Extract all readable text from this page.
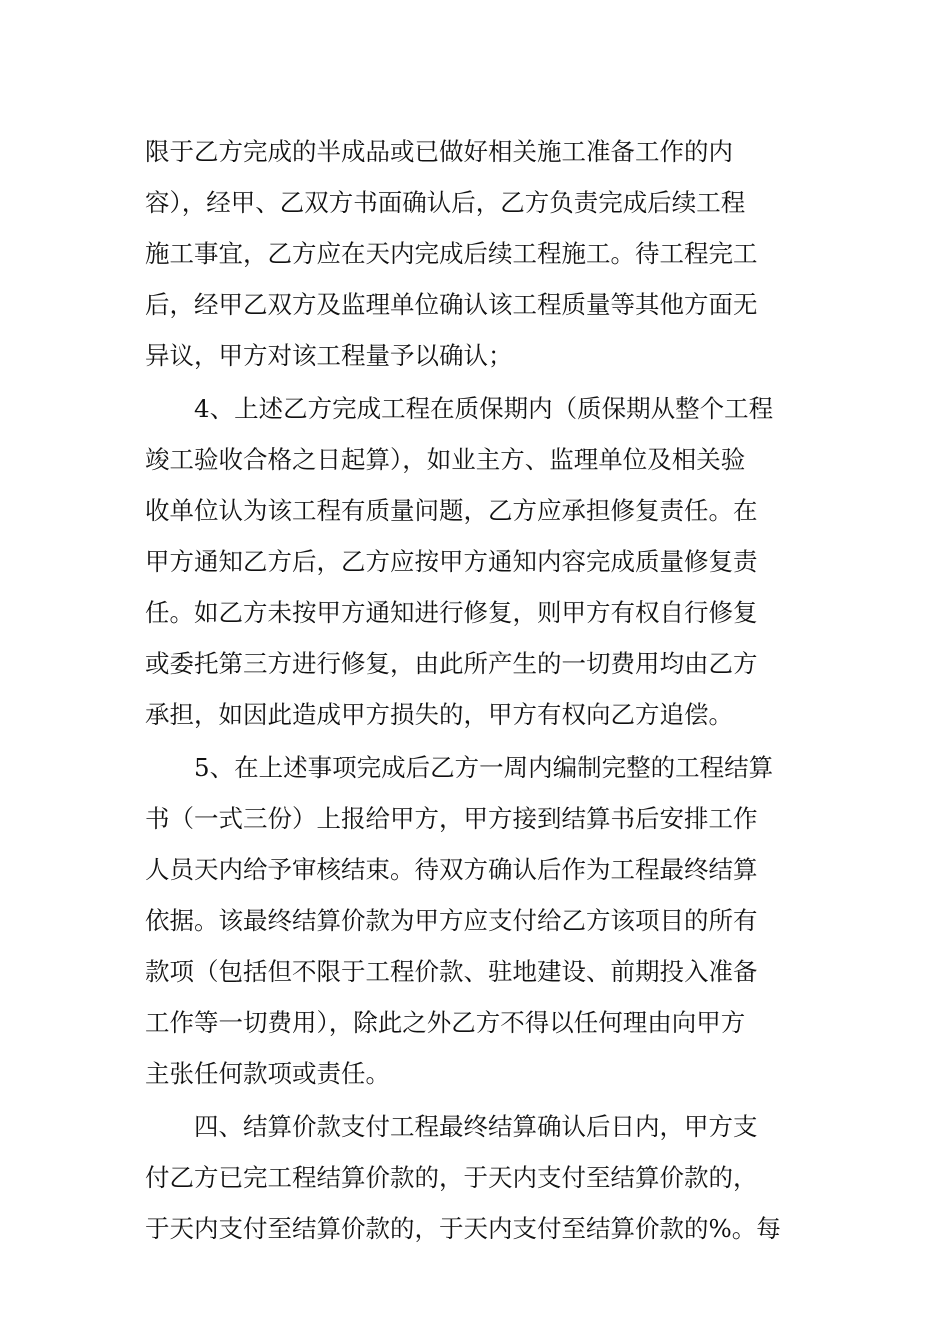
限于乙方完成的半成品或已做好相关施工准备工作的内
容），经甲、乙双方书面确认后，乙方负责完成后续工程
施工事宜，乙方应在天内完成后续工程施工。待工程完工
后，经甲乙双方及监理单位确认该工程质量等其他方面无
异议，甲方对该工程量予以确认；
4、上述乙方完成工程在质保期内（质保期从整个工程
竣工验收合格之日起算），如业主方、监理单位及相关验
收单位认为该工程有质量问题，乙方应承担修复责任。在
甲方通知乙方后，乙方应按甲方通知内容完成质量修复责
任。如乙方未按甲方通知进行修复，则甲方有权自行修复
或委托第三方进行修复，由此所产生的一切费用均由乙方
承担，如因此造成甲方损失的，甲方有权向乙方追偿。
5、在上述事项完成后乙方一周内编制完整的工程结算
书（一式三份）上报给甲方，甲方接到结算书后安排工作
人员天内给予审核结束。待双方确认后作为工程最终结算
依据。该最终结算价款为甲方应支付给乙方该项目的所有
款项（包括但不限于工程价款、驻地建设、前期投入准备
工作等一切费用），除此之外乙方不得以任何理由向甲方
主张任何款项或责任。
四、结算价款支付工程最终结算确认后日内，甲方支
付乙方已完工程结算价款的，于天内支付至结算价款的，
于天内支付至结算价款的，于天内支付至结算价款的%。每
